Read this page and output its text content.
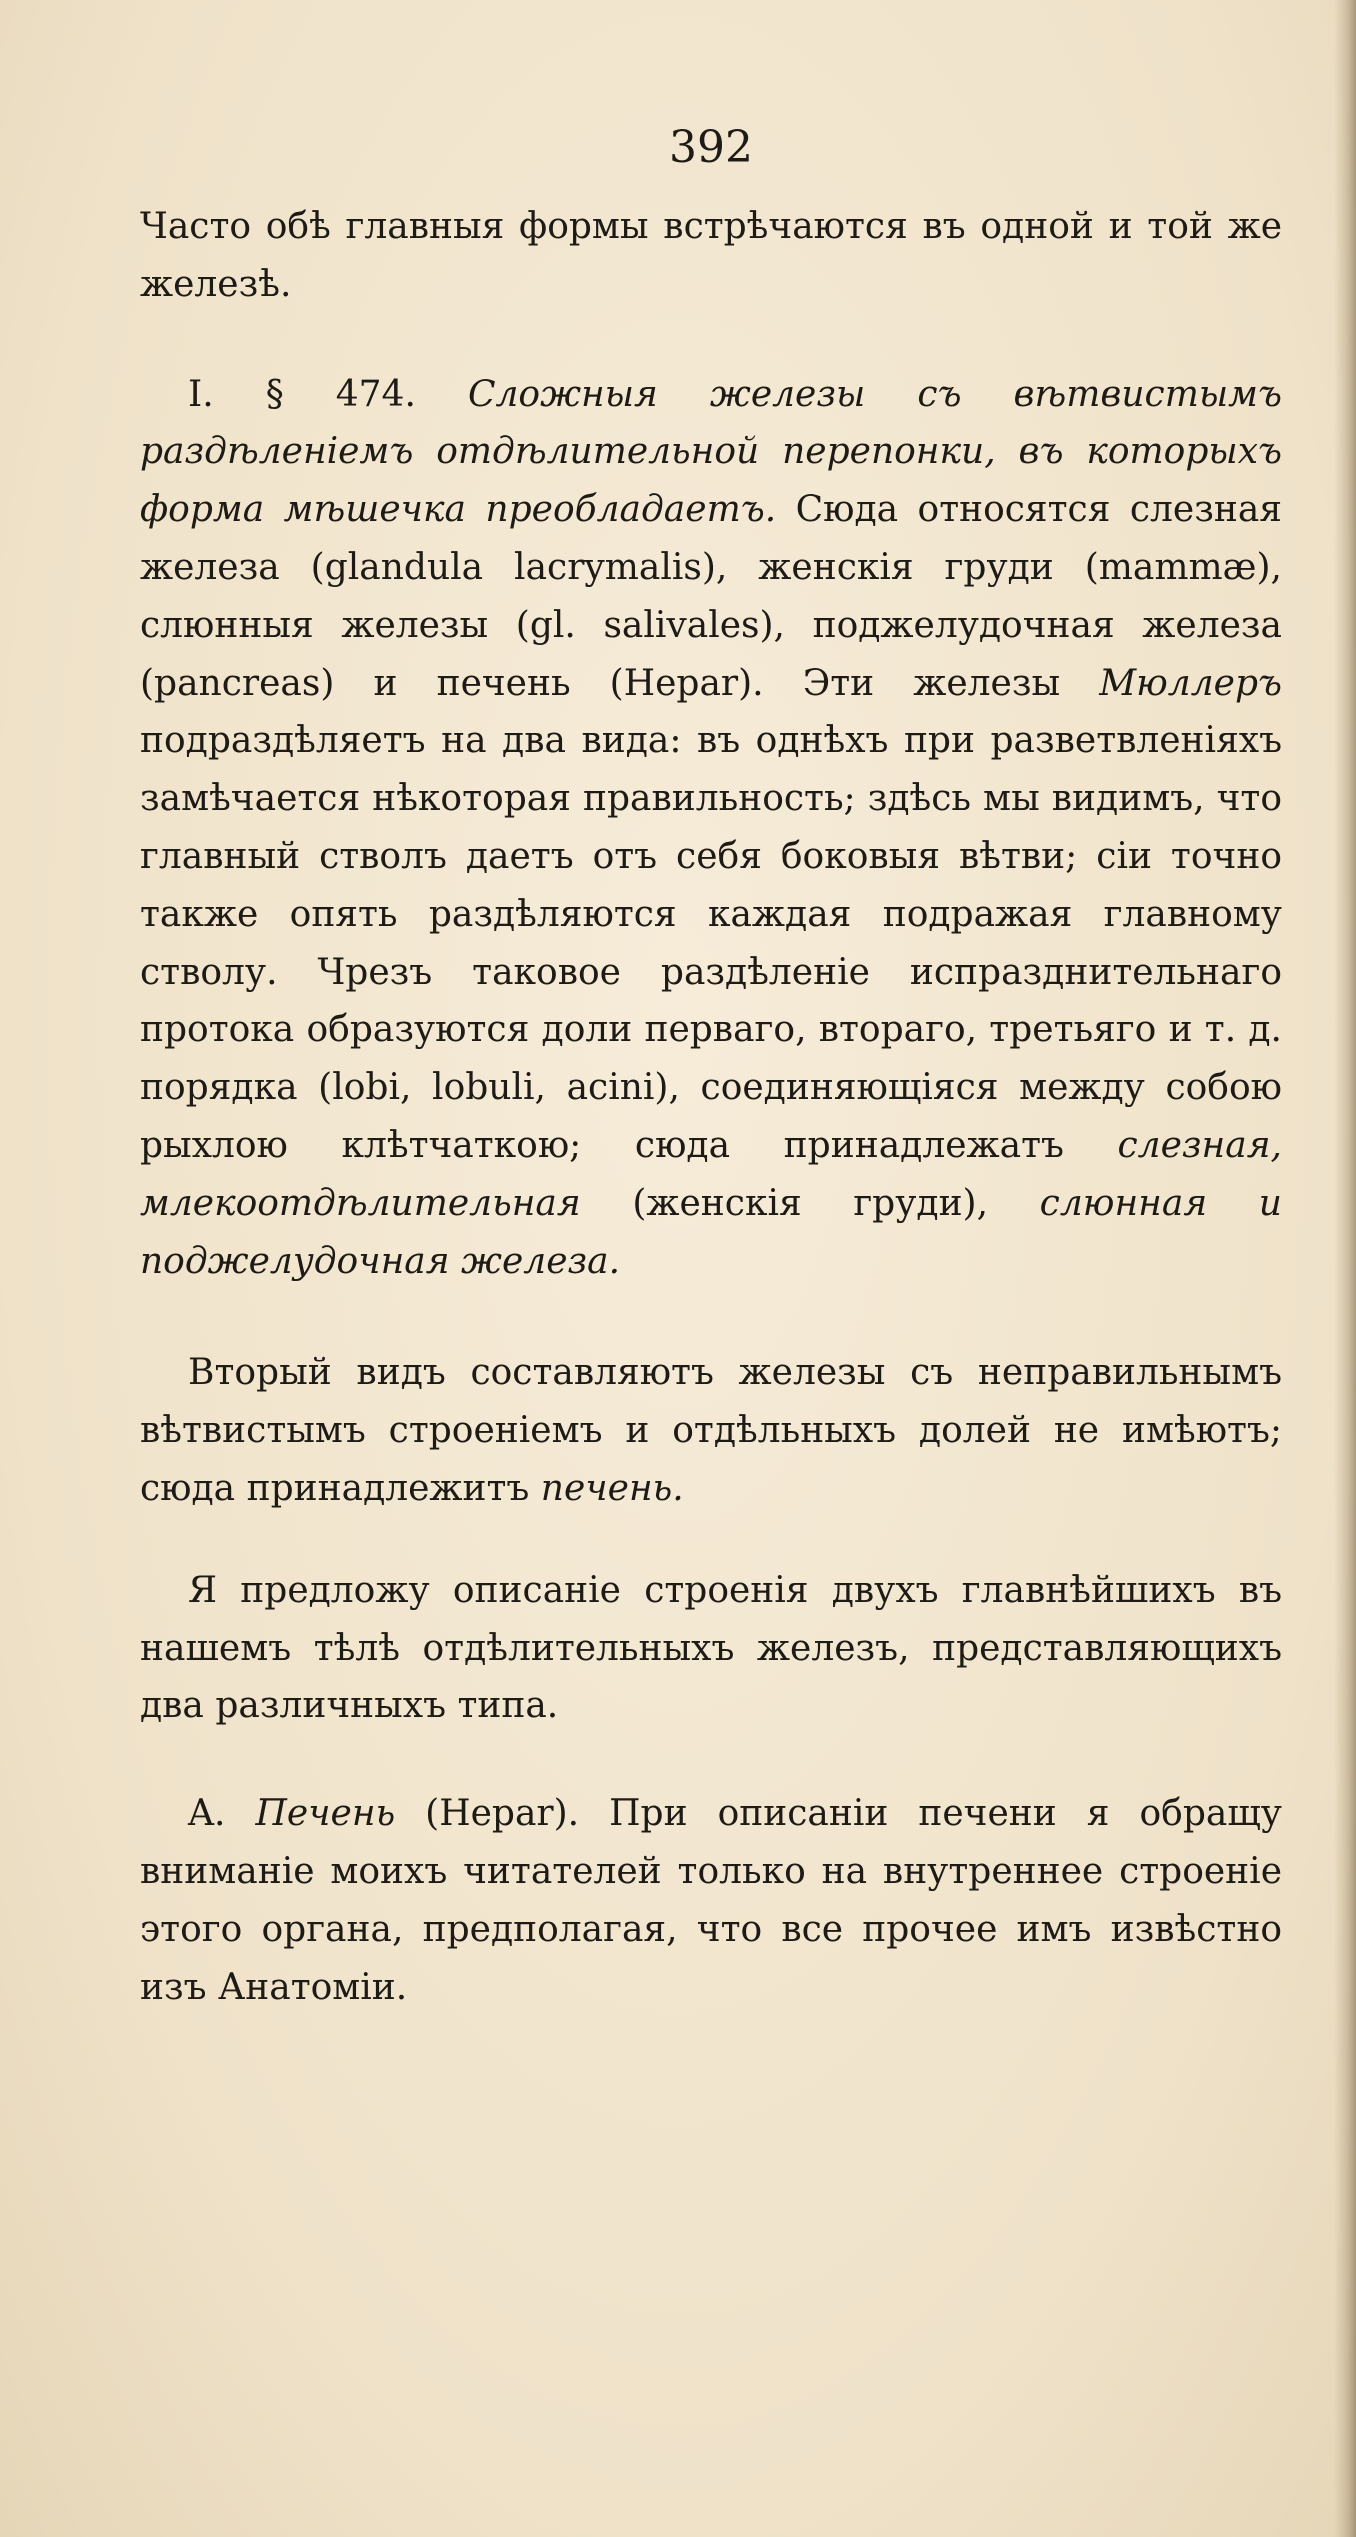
392

Часто обѣ главныя формы встрѣчаются въ одной и той же железѣ.

I. § 474. Сложныя железы съ вѣтвистымъ раздѣленіемъ отдѣлительной перепонки, въ которыхъ форма мѣшечка преобладаетъ. Сюда относятся слезная железа (glandula lacrymalis), женскія груди (mammæ), слюнныя железы (gl. salivales), поджелудочная железа (pancreas) и печень (Hepar). Эти железы Мюллеръ подраздѣляетъ на два вида: въ однѣхъ при разветвленіяхъ замѣчается нѣкоторая правильность; здѣсь мы видимъ, что главный стволъ даетъ отъ себя боковыя вѣтви; сіи точно также опять раздѣляются каждая подражая главному стволу. Чрезъ таковое раздѣленіе испразднительнаго протока образуются доли перваго, втораго, третьяго и т. д. порядка (lobi, lobuli, acini), соединяющіяся между собою рыхлою клѣтчаткою; сюда принадлежатъ слезная, млекоотдѣлительная (женскія груди), слюнная и поджелудочная железа.

Вторый видъ составляютъ железы съ неправильнымъ вѣтвистымъ строеніемъ и отдѣльныхъ долей не имѣютъ; сюда принадлежитъ печень.

Я предложу описаніе строенія двухъ главнѣйшихъ въ нашемъ тѣлѣ отдѣлительныхъ железъ, представляющихъ два различныхъ типа.

A. Печень (Hepar). При описаніи печени я обращу вниманіе моихъ читателей только на внутреннее строеніе этого органа, предполагая, что все прочее имъ извѣстно изъ Анатоміи.
